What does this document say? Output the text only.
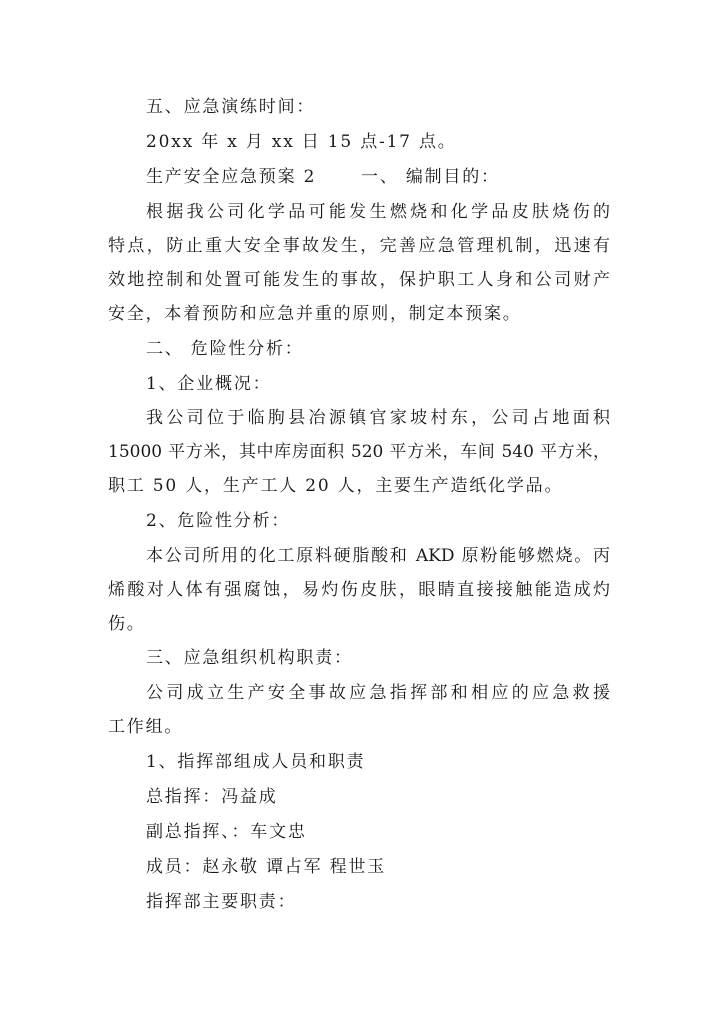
五、应急演练时间：
20xx 年 x 月 xx 日 15 点-17 点。
生产安全应急预案 2　　 一、 编制目的：
根据我公司化学品可能发生燃烧和化学品皮肤烧伤的
特点，防止重大安全事故发生，完善应急管理机制，迅速有
效地控制和处置可能发生的事故，保护职工人身和公司财产
安全，本着预防和应急并重的原则，制定本预案。
二、 危险性分析：
1、企业概况：
我公司位于临朐县冶源镇官家坡村东，公司占地面积
15000 平方米，其中库房面积 520 平方米，车间 540 平方米，
职工 50 人，生产工人 20 人，主要生产造纸化学品。
2、危险性分析：
本公司所用的化工原料硬脂酸和 AKD 原粉能够燃烧。丙
烯酸对人体有强腐蚀，易灼伤皮肤，眼睛直接接触能造成灼
伤。
三、应急组织机构职责：
公司成立生产安全事故应急指挥部和相应的应急救援
工作组。
1、指挥部组成人员和职责
总指挥：冯益成
副总指挥、：车文忠
成员：赵永敬 谭占军 程世玉
指挥部主要职责：
